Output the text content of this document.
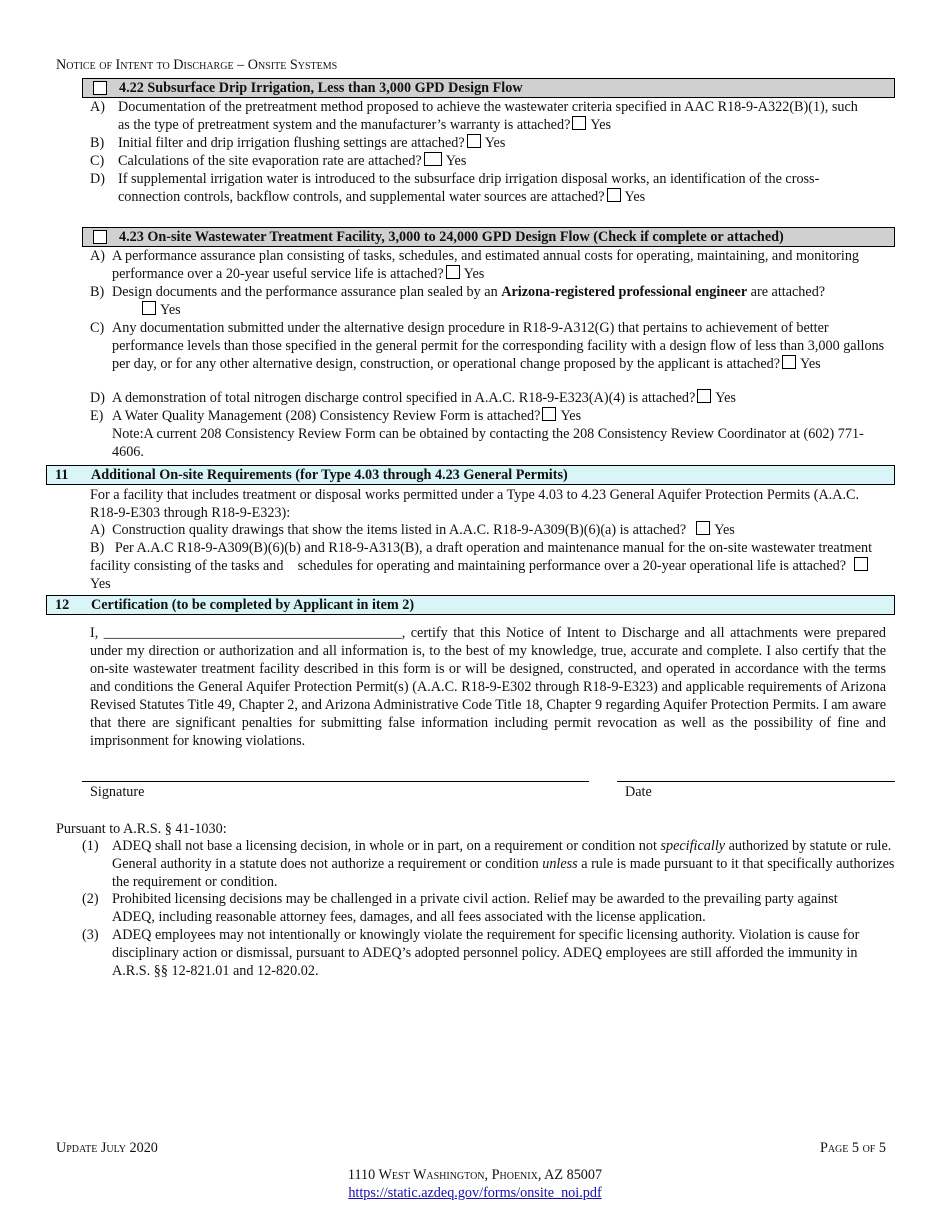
Notice of Intent to Discharge – Onsite Systems
4.22 Subsurface Drip Irrigation, Less than 3,000 GPD Design Flow
A) Documentation of the pretreatment method proposed to achieve the wastewater criteria specified in AAC R18-9-A322(B)(1), such as the type of pretreatment system and the manufacturer’s warranty is attached? Yes
B) Initial filter and drip irrigation flushing settings are attached? Yes
C) Calculations of the site evaporation rate are attached? Yes
D) If supplemental irrigation water is introduced to the subsurface drip irrigation disposal works, an identification of the cross-connection controls, backflow controls, and supplemental water sources are attached? Yes
4.23 On-site Wastewater Treatment Facility, 3,000 to 24,000 GPD Design Flow (Check if complete or attached)
A) A performance assurance plan consisting of tasks, schedules, and estimated annual costs for operating, maintaining, and monitoring performance over a 20-year useful service life is attached? Yes
B) Design documents and the performance assurance plan sealed by an Arizona-registered professional engineer are attached?Yes
C) Any documentation submitted under the alternative design procedure in R18-9-A312(G) that pertains to achievement of better performance levels than those specified in the general permit for the corresponding facility with a design flow of less than 3,000 gallons per day, or for any other alternative design, construction, or operational change proposed by the applicant is attached? Yes
D) A demonstration of total nitrogen discharge control specified in A.A.C. R18-9-E323(A)(4) is attached? Yes
E) A Water Quality Management (208) Consistency Review Form is attached? Yes
Note:A current 208 Consistency Review Form can be obtained by contacting the 208 Consistency Review Coordinator at (602) 771-4606.
11 Additional On-site Requirements (for Type 4.03 through 4.23 General Permits)
For a facility that includes treatment or disposal works permitted under a Type 4.03 to 4.23 General Aquifer Protection Permits (A.A.C. R18-9-E303 through R18-9-E323):
A) Construction quality drawings that show the items listed in A.A.C. R18-9-A309(B)(6)(a) is attached? Yes
B) Per A.A.C R18-9-A309(B)(6)(b) and R18-9-A313(B), a draft operation and maintenance manual for the on-site wastewater treatment facility consisting of the tasks and    schedules for operating and maintaining performance over a 20-year operational life is attached?Yes
12 Certification (to be completed by Applicant in item 2)
I, __________________________________________, certify that this Notice of Intent to Discharge and all attachments were prepared under my direction or authorization and all information is, to the best of my knowledge, true, accurate and complete. I also certify that the on-site wastewater treatment facility described in this form is or will be designed, constructed, and operated in accordance with the terms and conditions the General Aquifer Protection Permit(s) (A.A.C. R18-9-E302 through R18-9-E323) and applicable requirements of Arizona Revised Statutes Title 49, Chapter 2, and Arizona Administrative Code Title 18, Chapter 9 regarding Aquifer Protection Permits. I am aware that there are significant penalties for submitting false information including permit revocation as well as the possibility of fine and imprisonment for knowing violations.
Signature	Date
Pursuant to A.R.S. § 41-1030:
(1) ADEQ shall not base a licensing decision, in whole or in part, on a requirement or condition not specifically authorized by statute or rule. General authority in a statute does not authorize a requirement or condition unless a rule is made pursuant to it that specifically authorizes the requirement or condition.
(2) Prohibited licensing decisions may be challenged in a private civil action. Relief may be awarded to the prevailing party against ADEQ, including reasonable attorney fees, damages, and all fees associated with the license application.
(3) ADEQ employees may not intentionally or knowingly violate the requirement for specific licensing authority. Violation is cause for disciplinary action or dismissal, pursuant to ADEQ’s adopted personnel policy. ADEQ employees are still afforded the immunity in A.R.S. §§ 12-821.01 and 12-820.02.
Update July 2020	Page 5 of 5
1110 West Washington, Phoenix, AZ 85007
https://static.azdeq.gov/forms/onsite_noi.pdf
